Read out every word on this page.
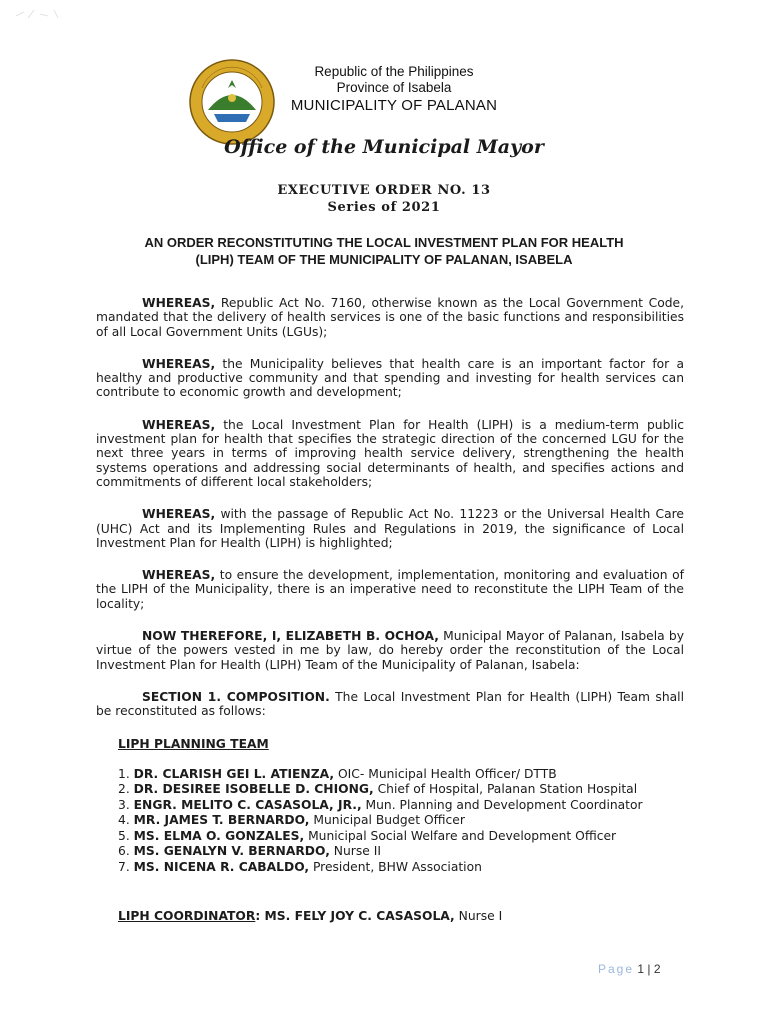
Republic of the Philippines
Province of Isabela
MUNICIPALITY OF PALANAN
Office of the Municipal Mayor
EXECUTIVE ORDER NO. 13
Series of 2021
AN ORDER RECONSTITUTING THE LOCAL INVESTMENT PLAN FOR HEALTH
(LIPH) TEAM OF THE MUNICIPALITY OF PALANAN, ISABELA

WHEREAS, Republic Act No. 7160, otherwise known as the Local Government Code, mandated that the delivery of health services is one of the basic functions and responsibilities of all Local Government Units (LGUs);

WHEREAS, the Municipality believes that health care is an important factor for a healthy and productive community and that spending and investing for health services can contribute to economic growth and development;

WHEREAS, the Local Investment Plan for Health (LIPH) is a medium-term public investment plan for health that specifies the strategic direction of the concerned LGU for the next three years in terms of improving health service delivery, strengthening the health systems operations and addressing social determinants of health, and specifies actions and commitments of different local stakeholders;

WHEREAS, with the passage of Republic Act No. 11223 or the Universal Health Care (UHC) Act and its Implementing Rules and Regulations in 2019, the significance of Local Investment Plan for Health (LIPH) is highlighted;

WHEREAS, to ensure the development, implementation, monitoring and evaluation of the LIPH of the Municipality, there is an imperative need to reconstitute the LIPH Team of the locality;

NOW THEREFORE, I, ELIZABETH B. OCHOA, Municipal Mayor of Palanan, Isabela by virtue of the powers vested in me by law, do hereby order the reconstitution of the Local Investment Plan for Health (LIPH) Team of the Municipality of Palanan, Isabela:

SECTION 1. COMPOSITION. The Local Investment Plan for Health (LIPH) Team shall be reconstituted as follows:

LIPH PLANNING TEAM
1. DR. CLARISH GEI L. ATIENZA, OIC- Municipal Health Officer/ DTTB
2. DR. DESIREE ISOBELLE D. CHIONG, Chief of Hospital, Palanan Station Hospital
3. ENGR. MELITO C. CASASOLA, JR., Mun. Planning and Development Coordinator
4. MR. JAMES T. BERNARDO, Municipal Budget Officer
5. MS. ELMA O. GONZALES, Municipal Social Welfare and Development Officer
6. MS. GENALYN V. BERNARDO, Nurse II
7. MS. NICENA R. CABALDO, President, BHW Association
LIPH COORDINATOR: MS. FELY JOY C. CASASOLA, Nurse I
Page 1 | 2
